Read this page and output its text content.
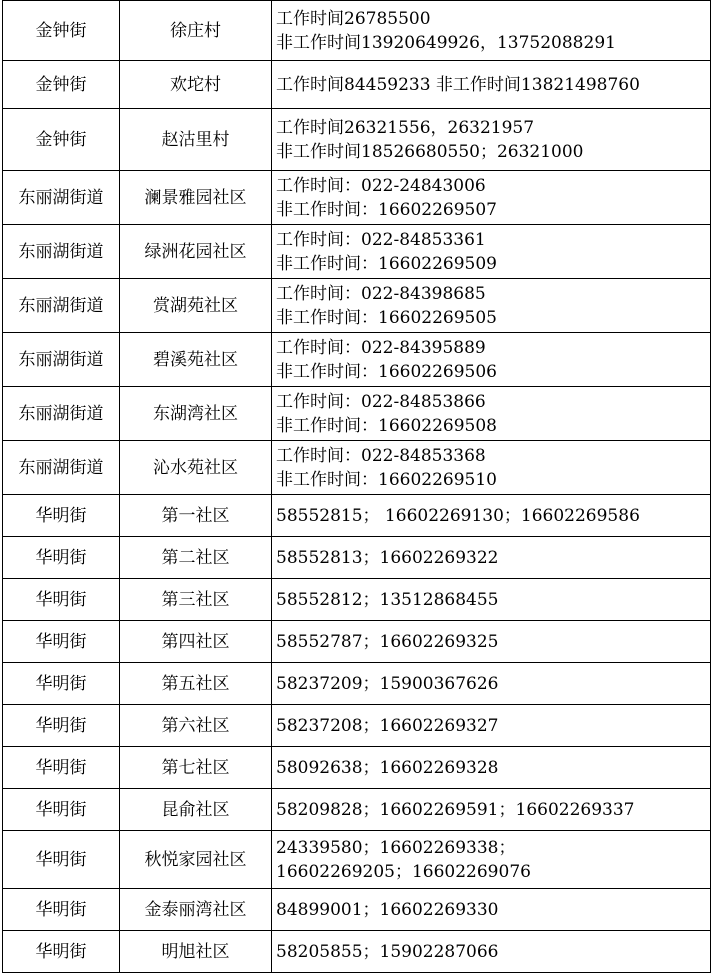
金钟街	徐庄村	工作时间26785500
非工作时间13920649926，13752088291

金钟街	欢坨村	工作时间84459233 非工作时间13821498760

金钟街	赵沽里村	工作时间26321556，26321957
非工作时间18526680550；26321000

东丽湖街道	澜景雅园社区	工作时间：022-24843006
非工作时间：16602269507

东丽湖街道	绿洲花园社区	工作时间：022-84853361
非工作时间：16602269509

东丽湖街道	赏湖苑社区	工作时间：022-84398685
非工作时间：16602269505

东丽湖街道	碧溪苑社区	工作时间：022-84395889
非工作时间：16602269506

东丽湖街道	东湖湾社区	工作时间：022-84853866
非工作时间：16602269508

东丽湖街道	沁水苑社区	工作时间：022-84853368
非工作时间：16602269510

华明街	第一社区	58552815； 16602269130；16602269586

华明街	第二社区	58552813；16602269322

华明街	第三社区	58552812；13512868455

华明街	第四社区	58552787；16602269325

华明街	第五社区	58237209；15900367626

华明街	第六社区	58237208；16602269327

华明街	第七社区	58092638；16602269328

华明街	昆俞社区	58209828；16602269591；16602269337

华明街	秋悦家园社区	24339580；16602269338；
16602269205；16602269076

华明街	金泰丽湾社区	84899001；16602269330

华明街	明旭社区	58205855；15902287066
